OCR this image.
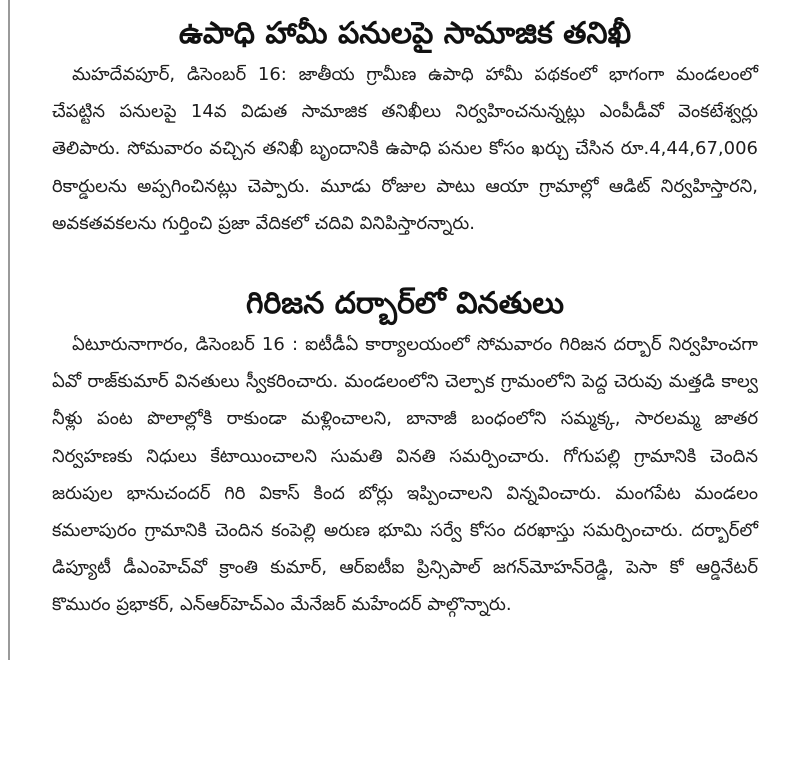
ఉపాధి హామీ పనులపై సామాజిక తనిఖీ

మహదేవపూర్, డిసెంబర్ 16: జాతీయ గ్రామీణ ఉపాధి హామీ పథకంలో భాగంగా మండలంలో చేపట్టిన పనులపై 14వ విడుత సామాజిక తనిఖీలు నిర్వహించనున్నట్లు ఎంపీడీవో వెంకటేశ్వర్లు తెలిపారు. సోమవారం వచ్చిన తనిఖీ బృందానికి ఉపాధి పనుల కోసం ఖర్చు చేసిన రూ.4,44,67,006 రికార్డులను అప్పగించినట్లు చెప్పారు. మూడు రోజుల పాటు ఆయా గ్రామాల్లో ఆడిట్ నిర్వహిస్తారని, అవకతవకలను గుర్తించి ప్రజా వేదికలో చదివి వినిపిస్తారన్నారు.

గిరిజన దర్బార్‌లో వినతులు

ఏటూరునాగారం, డిసెంబర్ 16 : ఐటీడీఏ కార్యాలయంలో సోమవారం గిరిజన దర్బార్ నిర్వహించగా ఏవో రాజ్‌కుమార్ వినతులు స్వీకరించారు. మండలంలోని చెల్పాక గ్రామంలోని పెద్ద చెరువు మత్తడి కాల్వ నీళ్లు పంట పొలాల్లోకి రాకుండా మళ్లించాలని, బానాజీ బంధంలోని సమ్మక్క, సారలమ్మ జాతర నిర్వహణకు నిధులు కేటాయించాలని సుమతి వినతి సమర్పించారు. గోగుపల్లి గ్రామానికి చెందిన జరుపుల భానుచందర్ గిరి వికాస్ కింద బోర్లు ఇప్పించాలని విన్నవించారు. మంగపేట మండలం కమలాపురం గ్రామానికి చెందిన కంపెల్లి అరుణ భూమి సర్వే కోసం దరఖాస్తు సమర్పించారు. దర్బార్‌లో డిప్యూటీ డీఎంహెచ్‌వో క్రాంతి కుమార్, ఆర్ఐటీఐ ప్రిన్సిపాల్ జగన్‌మోహన్‌రెడ్డి, పెసా కో ఆర్డినేటర్ కొమురం ప్రభాకర్, ఎన్ఆర్‌హెచ్ఎం మేనేజర్ మహేందర్ పాల్గొన్నారు.
